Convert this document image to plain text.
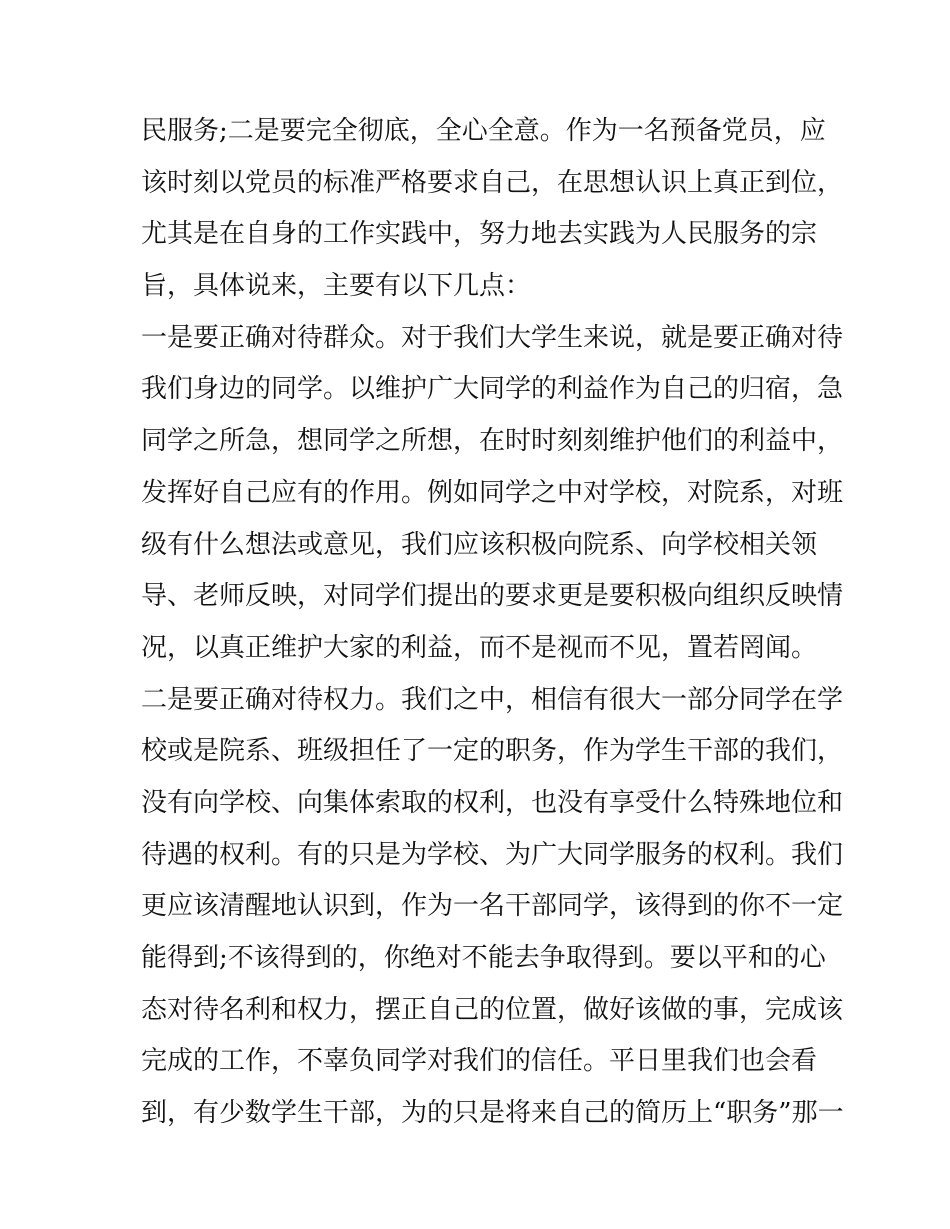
民服务;二是要完全彻底，全心全意。作为一名预备党员，应
该时刻以党员的标准严格要求自己，在思想认识上真正到位，
尤其是在自身的工作实践中，努力地去实践为人民服务的宗
旨，具体说来，主要有以下几点：
一是要正确对待群众。对于我们大学生来说，就是要正确对待
我们身边的同学。以维护广大同学的利益作为自己的归宿，急
同学之所急，想同学之所想，在时时刻刻维护他们的利益中，
发挥好自己应有的作用。例如同学之中对学校，对院系，对班
级有什么想法或意见，我们应该积极向院系、向学校相关领
导、老师反映，对同学们提出的要求更是要积极向组织反映情
况，以真正维护大家的利益，而不是视而不见，置若罔闻。
二是要正确对待权力。我们之中，相信有很大一部分同学在学
校或是院系、班级担任了一定的职务，作为学生干部的我们，
没有向学校、向集体索取的权利，也没有享受什么特殊地位和
待遇的权利。有的只是为学校、为广大同学服务的权利。我们
更应该清醒地认识到，作为一名干部同学，该得到的你不一定
能得到;不该得到的，你绝对不能去争取得到。要以平和的心
态对待名利和权力，摆正自己的位置，做好该做的事，完成该
完成的工作，不辜负同学对我们的信任。平日里我们也会看
到，有少数学生干部，为的只是将来自己的简历上“职务”那一
